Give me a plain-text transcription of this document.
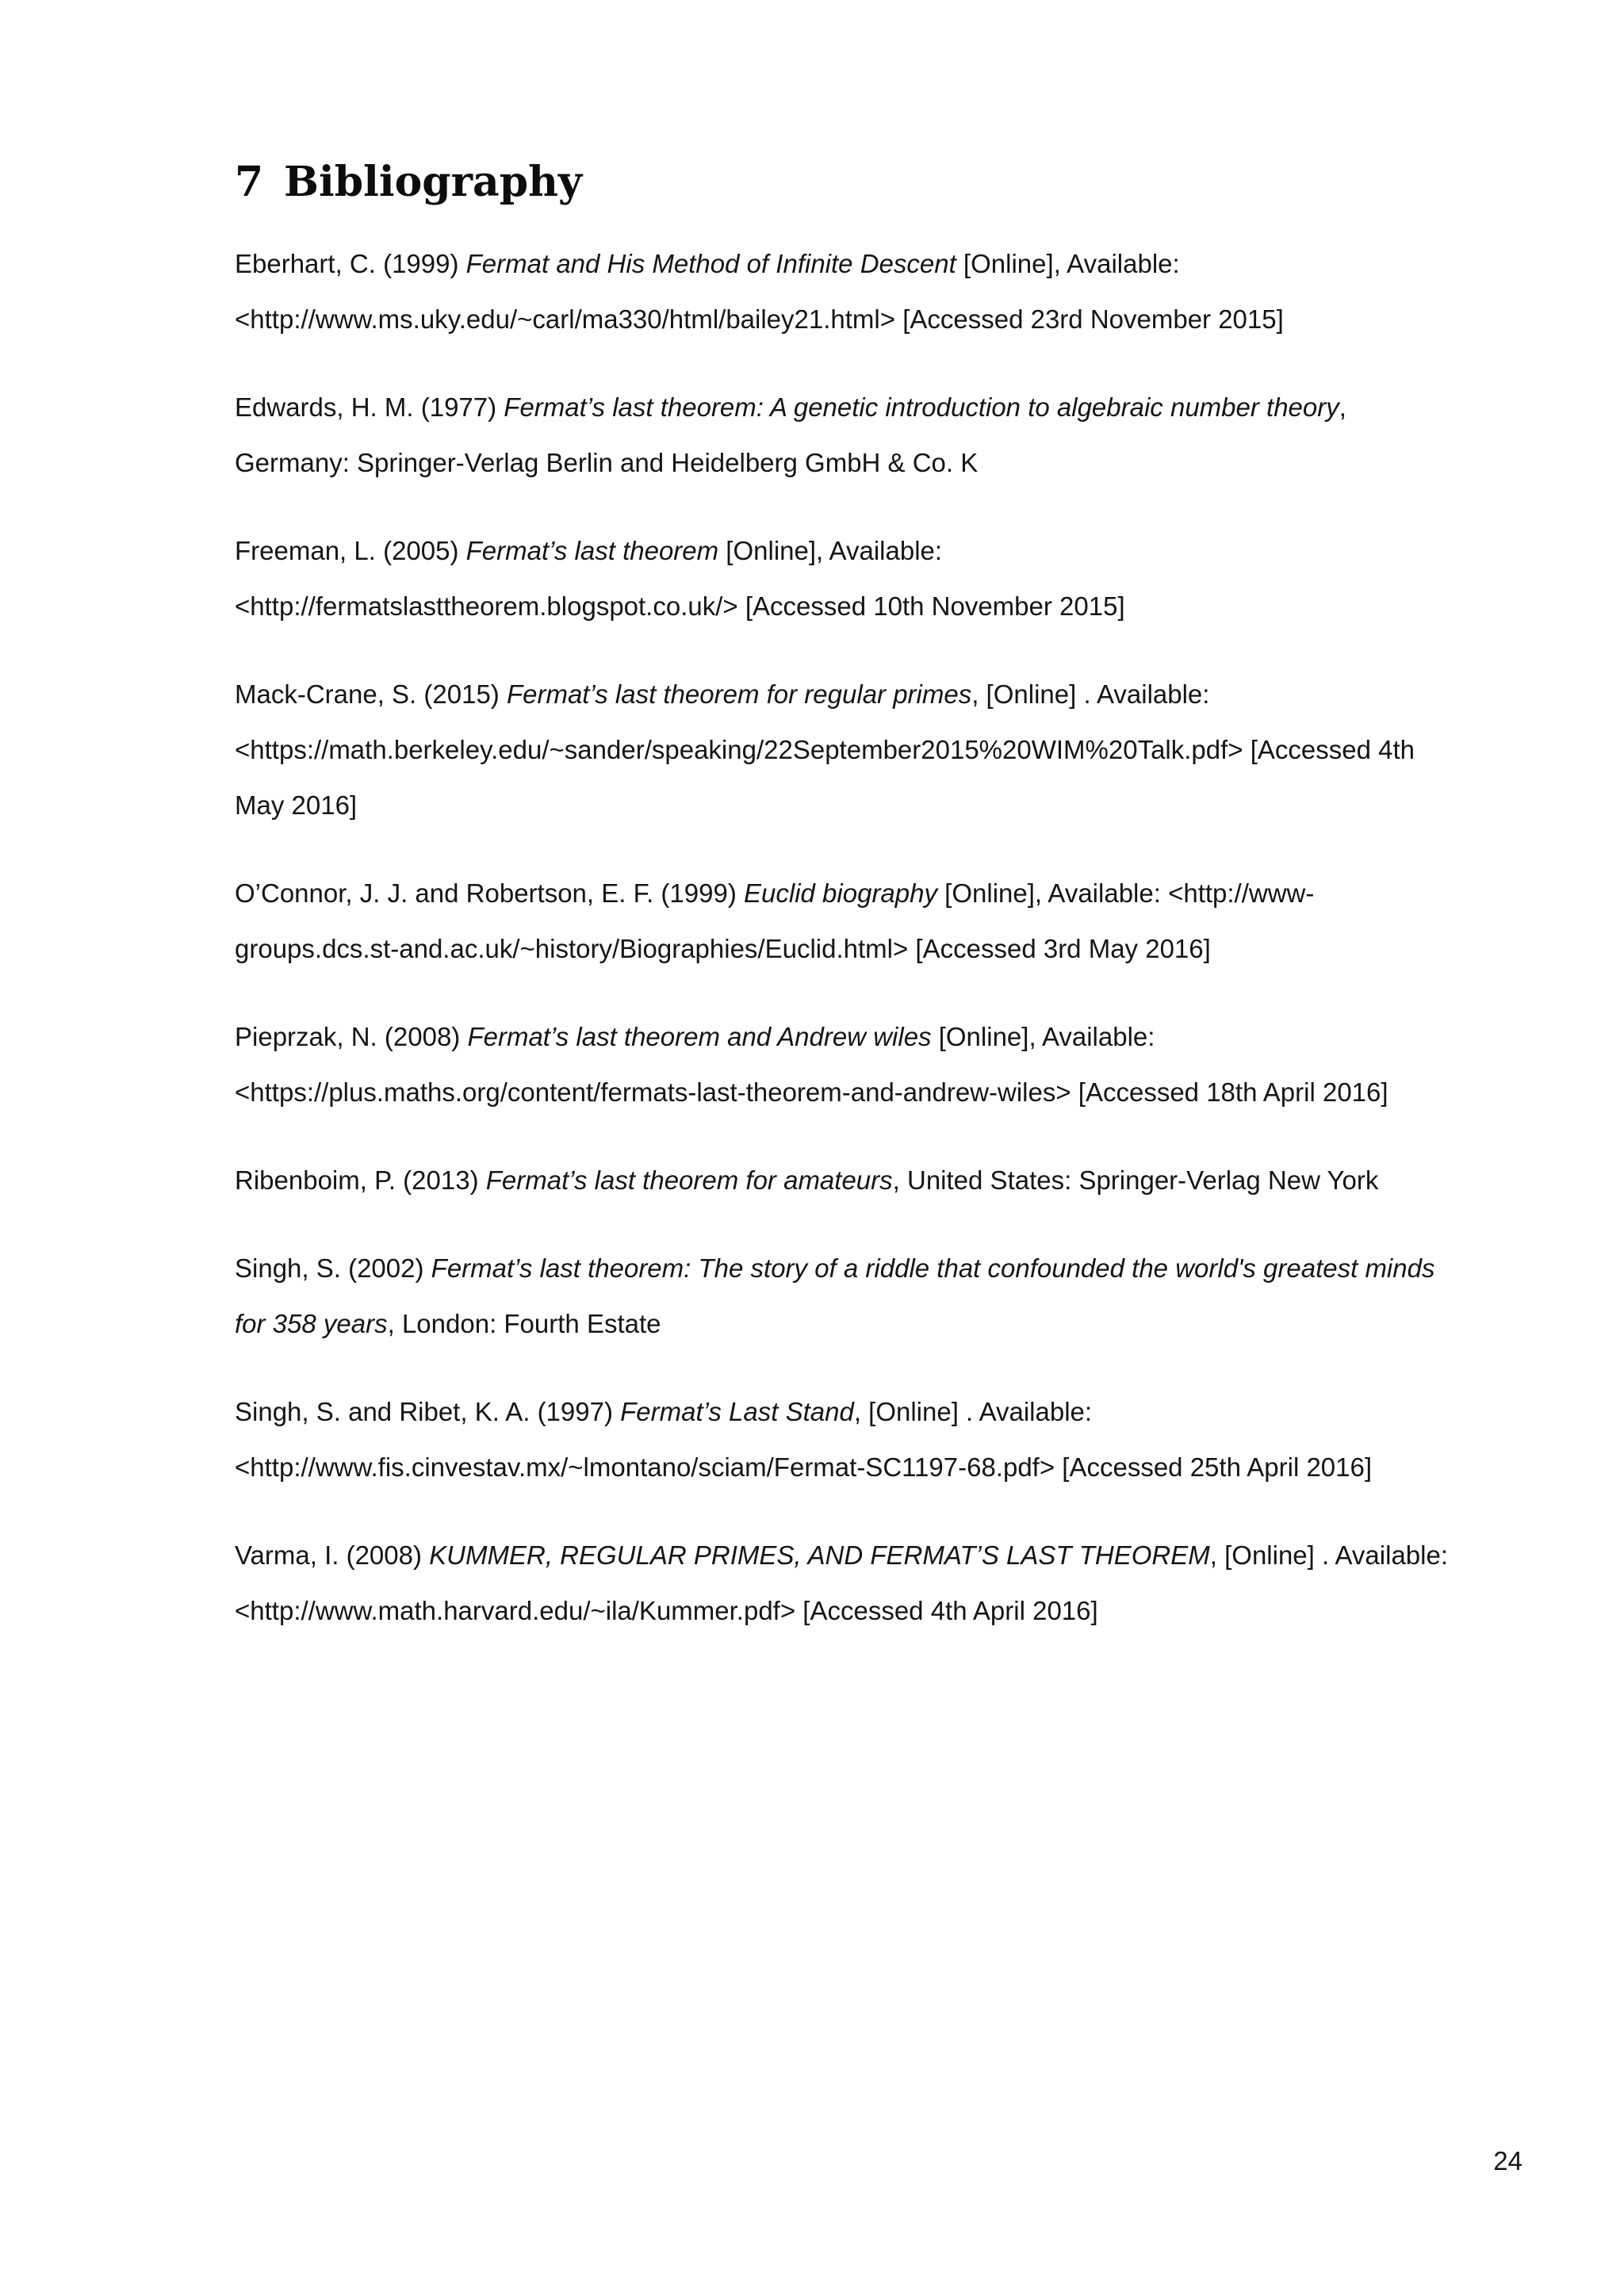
7 Bibliography

Eberhart, C. (1999) Fermat and His Method of Infinite Descent [Online], Available:
<http://www.ms.uky.edu/~carl/ma330/html/bailey21.html> [Accessed 23rd November 2015]

Edwards, H. M. (1977) Fermat’s last theorem: A genetic introduction to algebraic number theory,
Germany: Springer-Verlag Berlin and Heidelberg GmbH & Co. K

Freeman, L. (2005) Fermat’s last theorem [Online], Available:
<http://fermatslasttheorem.blogspot.co.uk/> [Accessed 10th November 2015]

Mack-Crane, S. (2015) Fermat’s last theorem for regular primes, [Online] . Available:
<https://math.berkeley.edu/~sander/speaking/22September2015%20WIM%20Talk.pdf> [Accessed 4th
May 2016]

O’Connor, J. J. and Robertson, E. F. (1999) Euclid biography [Online], Available: <http://www-
groups.dcs.st-and.ac.uk/~history/Biographies/Euclid.html> [Accessed 3rd May 2016]

Pieprzak, N. (2008) Fermat’s last theorem and Andrew wiles [Online], Available:
<https://plus.maths.org/content/fermats-last-theorem-and-andrew-wiles> [Accessed 18th April 2016]

Ribenboim, P. (2013) Fermat’s last theorem for amateurs, United States: Springer-Verlag New York

Singh, S. (2002) Fermat’s last theorem: The story of a riddle that confounded the world's greatest minds
for 358 years, London: Fourth Estate

Singh, S. and Ribet, K. A. (1997) Fermat’s Last Stand, [Online] . Available:
<http://www.fis.cinvestav.mx/~lmontano/sciam/Fermat-SC1197-68.pdf> [Accessed 25th April 2016]

Varma, I. (2008) KUMMER, REGULAR PRIMES, AND FERMAT’S LAST THEOREM, [Online] . Available:
<http://www.math.harvard.edu/~ila/Kummer.pdf> [Accessed 4th April 2016]

24
